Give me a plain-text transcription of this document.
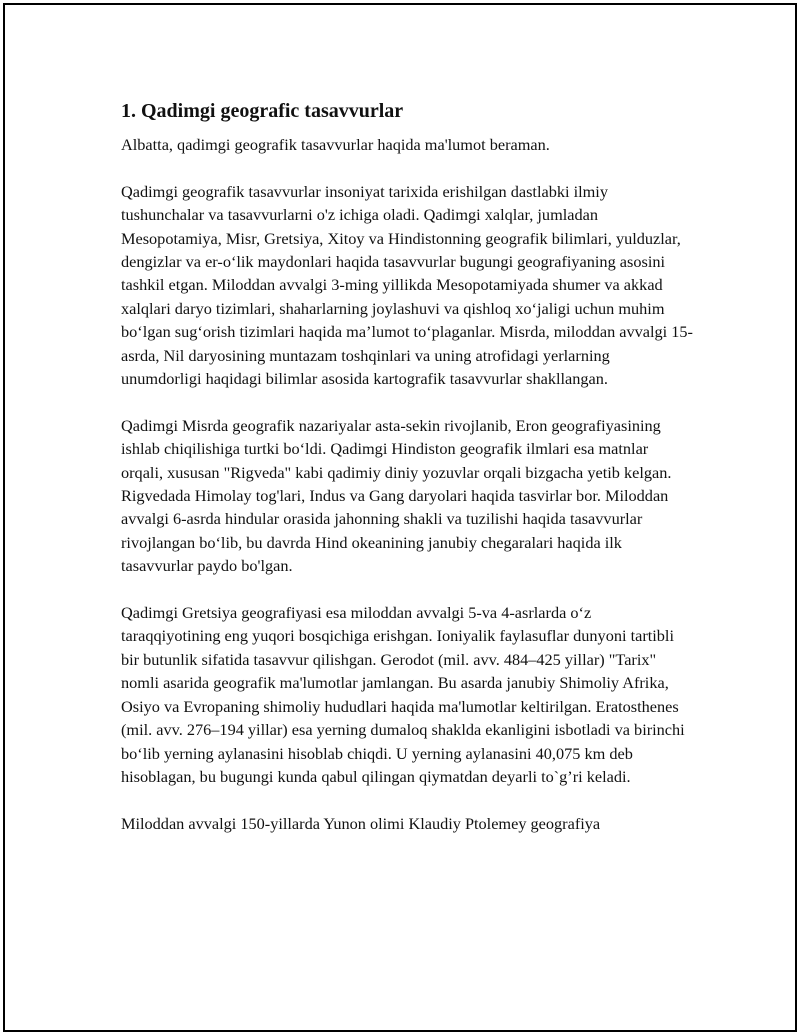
1. Qadimgi geografic tasavvurlar

Albatta, qadimgi geografik tasavvurlar haqida ma'lumot beraman.

Qadimgi geografik tasavvurlar insoniyat tarixida erishilgan dastlabki ilmiy tushunchalar va tasavvurlarni o'z ichiga oladi. Qadimgi xalqlar, jumladan Mesopotamiya, Misr, Gretsiya, Xitoy va Hindistonning geografik bilimlari, yulduzlar, dengizlar va er-o‘lik maydonlari haqida tasavvurlar bugungi geografiyaning asosini tashkil etgan. Miloddan avvalgi 3-ming yillikda Mesopotamiyada shumer va akkad xalqlari daryo tizimlari, shaharlarning joylashuvi va qishloq xo‘jaligi uchun muhim bo‘lgan sug‘orish tizimlari haqida ma’lumot to‘plaganlar. Misrda, miloddan avvalgi 15-asrda, Nil daryosining muntazam toshqinlari va uning atrofidagi yerlarning unumdorligi haqidagi bilimlar asosida kartografik tasavvurlar shakllangan.

Qadimgi Misrda geografik nazariyalar asta-sekin rivojlanib, Eron geografiyasining ishlab chiqilishiga turtki bo‘ldi. Qadimgi Hindiston geografik ilmlari esa matnlar orqali, xususan "Rigveda" kabi qadimiy diniy yozuvlar orqali bizgacha yetib kelgan. Rigvedada Himolay tog'lari, Indus va Gang daryolari haqida tasvirlar bor. Miloddan avvalgi 6-asrda hindular orasida jahonning shakli va tuzilishi haqida tasavvurlar rivojlangan bo‘lib, bu davrda Hind okeanining janubiy chegaralari haqida ilk tasavvurlar paydo bo'lgan.

Qadimgi Gretsiya geografiyasi esa miloddan avvalgi 5-va 4-asrlarda o‘z taraqqiyotining eng yuqori bosqichiga erishgan. Ioniyalik faylasuflar dunyoni tartibli bir butunlik sifatida tasavvur qilishgan. Gerodot (mil. avv. 484–425 yillar) "Tarix" nomli asarida geografik ma'lumotlar jamlangan. Bu asarda janubiy Shimoliy Afrika, Osiyo va Evropaning shimoliy hududlari haqida ma'lumotlar keltirilgan. Eratosthenes (mil. avv. 276–194 yillar) esa yerning dumaloq shaklda ekanligini isbotladi va birinchi bo‘lib yerning aylanasini hisoblab chiqdi. U yerning aylanasini 40,075 km deb hisoblagan, bu bugungi kunda qabul qilingan qiymatdan deyarli to`g’ri keladi.

Miloddan avvalgi 150-yillarda Yunon olimi Klaudiy Ptolemey geografiya
